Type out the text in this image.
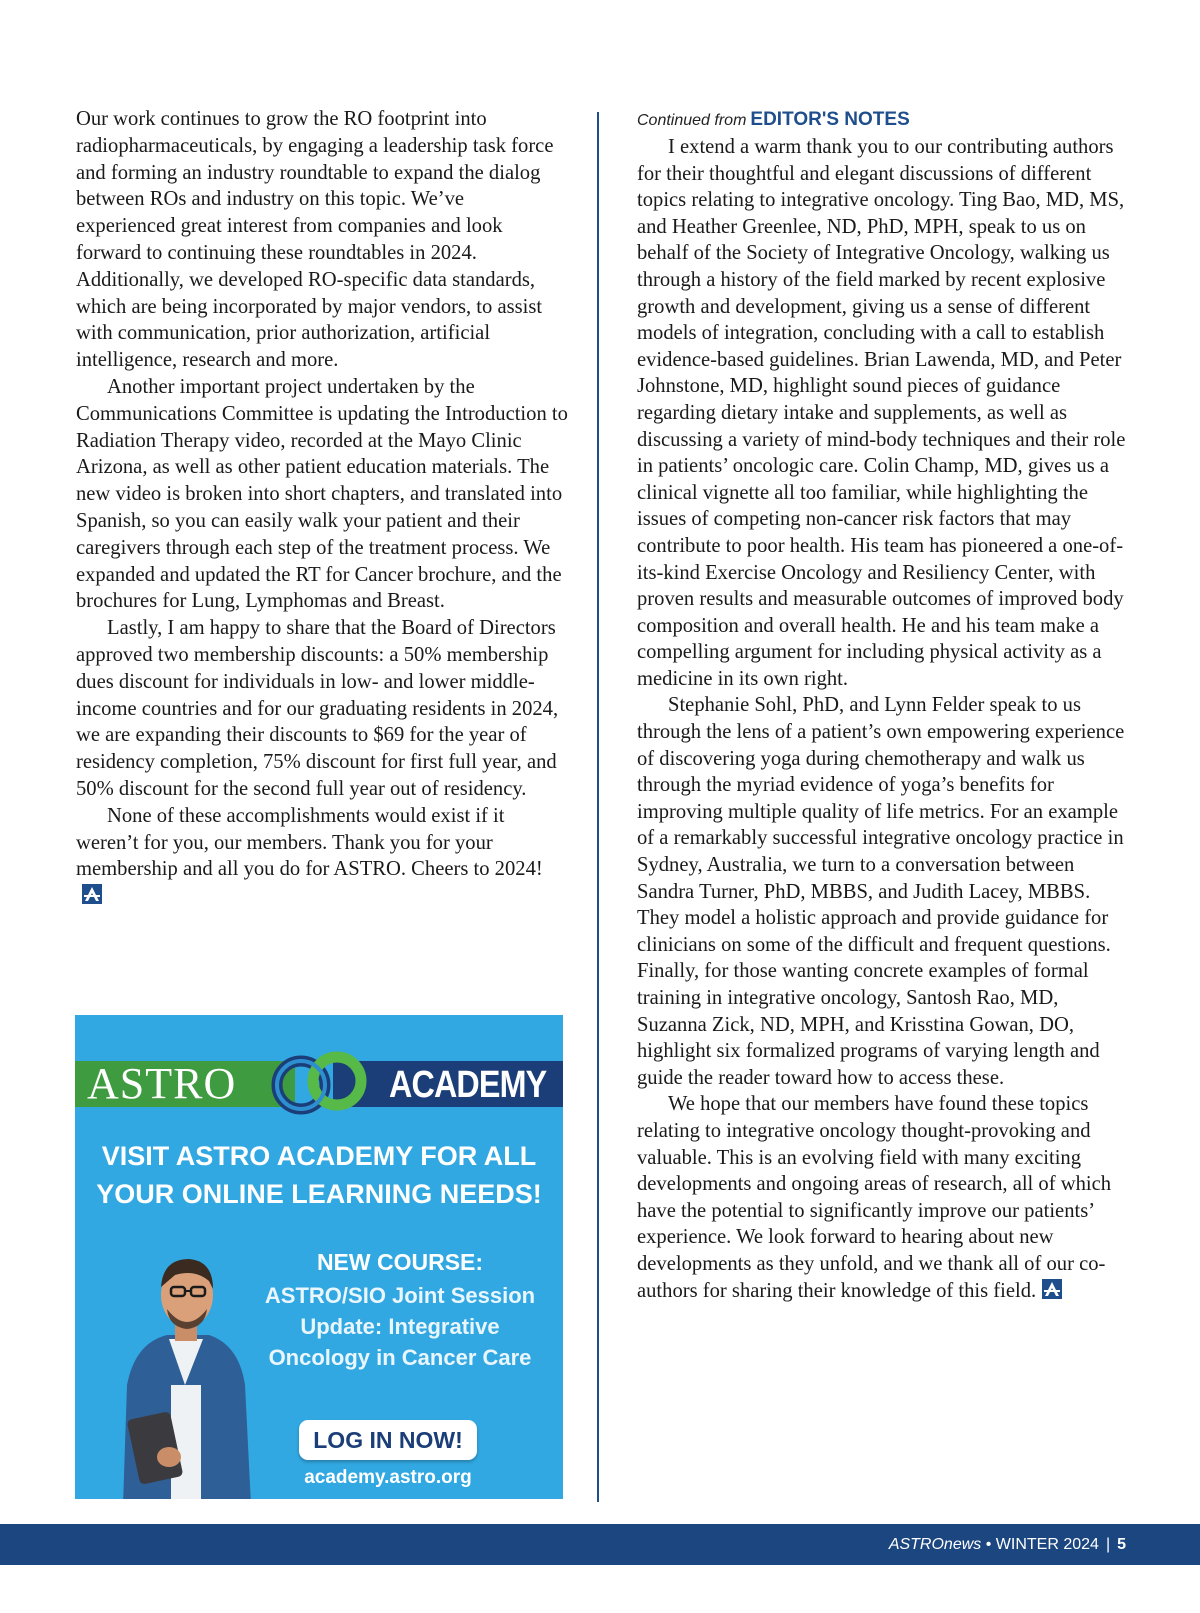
Our work continues to grow the RO footprint into radiopharmaceuticals, by engaging a leadership task force and forming an industry roundtable to expand the dialog between ROs and industry on this topic. We’ve experienced great interest from companies and look forward to continuing these roundtables in 2024. Additionally, we developed RO-specific data standards, which are being incorporated by major vendors, to assist with communication, prior authorization, artificial intelligence, research and more.

Another important project undertaken by the Communications Committee is updating the Introduction to Radiation Therapy video, recorded at the Mayo Clinic Arizona, as well as other patient education materials. The new video is broken into short chapters, and translated into Spanish, so you can easily walk your patient and their caregivers through each step of the treatment process. We expanded and updated the RT for Cancer brochure, and the brochures for Lung, Lymphomas and Breast.

Lastly, I am happy to share that the Board of Directors approved two membership discounts: a 50% membership dues discount for individuals in low- and lower middle-income countries and for our graduating residents in 2024, we are expanding their discounts to $69 for the year of residency completion, 75% discount for first full year, and 50% discount for the second full year out of residency.

None of these accomplishments would exist if it weren’t for you, our members. Thank you for your membership and all you do for ASTRO. Cheers to 2024!

Continued from EDITOR'S NOTES

I extend a warm thank you to our contributing authors for their thoughtful and elegant discussions of different topics relating to integrative oncology. Ting Bao, MD, MS, and Heather Greenlee, ND, PhD, MPH, speak to us on behalf of the Society of Integrative Oncology, walking us through a history of the field marked by recent explosive growth and development, giving us a sense of different models of integration, concluding with a call to establish evidence-based guidelines. Brian Lawenda, MD, and Peter Johnstone, MD, highlight sound pieces of guidance regarding dietary intake and supplements, as well as discussing a variety of mind-body techniques and their role in patients’ oncologic care. Colin Champ, MD, gives us a clinical vignette all too familiar, while highlighting the issues of competing non-cancer risk factors that may contribute to poor health. His team has pioneered a one-of-its-kind Exercise Oncology and Resiliency Center, with proven results and measurable outcomes of improved body composition and overall health. He and his team make a compelling argument for including physical activity as a medicine in its own right.

Stephanie Sohl, PhD, and Lynn Felder speak to us through the lens of a patient’s own empowering experience of discovering yoga during chemotherapy and walk us through the myriad evidence of yoga’s benefits for improving multiple quality of life metrics. For an example of a remarkably successful integrative oncology practice in Sydney, Australia, we turn to a conversation between Sandra Turner, PhD, MBBS, and Judith Lacey, MBBS. They model a holistic approach and provide guidance for clinicians on some of the difficult and frequent questions. Finally, for those wanting concrete examples of formal training in integrative oncology, Santosh Rao, MD, Suzanna Zick, ND, MPH, and Krisstina Gowan, DO, highlight six formalized programs of varying length and guide the reader toward how to access these.

We hope that our members have found these topics relating to integrative oncology thought-provoking and valuable. This is an evolving field with many exciting developments and ongoing areas of research, all of which have the potential to significantly improve our patients’ experience. We look forward to hearing about new developments as they unfold, and we thank all of our co-authors for sharing their knowledge of this field.

ASTRO	ACADEMY
VISIT ASTRO ACADEMY FOR ALL
YOUR ONLINE LEARNING NEEDS!
NEW COURSE:
ASTRO/SIO Joint Session
Update: Integrative
Oncology in Cancer Care
LOG IN NOW!
academy.astro.org
ASTROnews • WINTER 2024 | 5
